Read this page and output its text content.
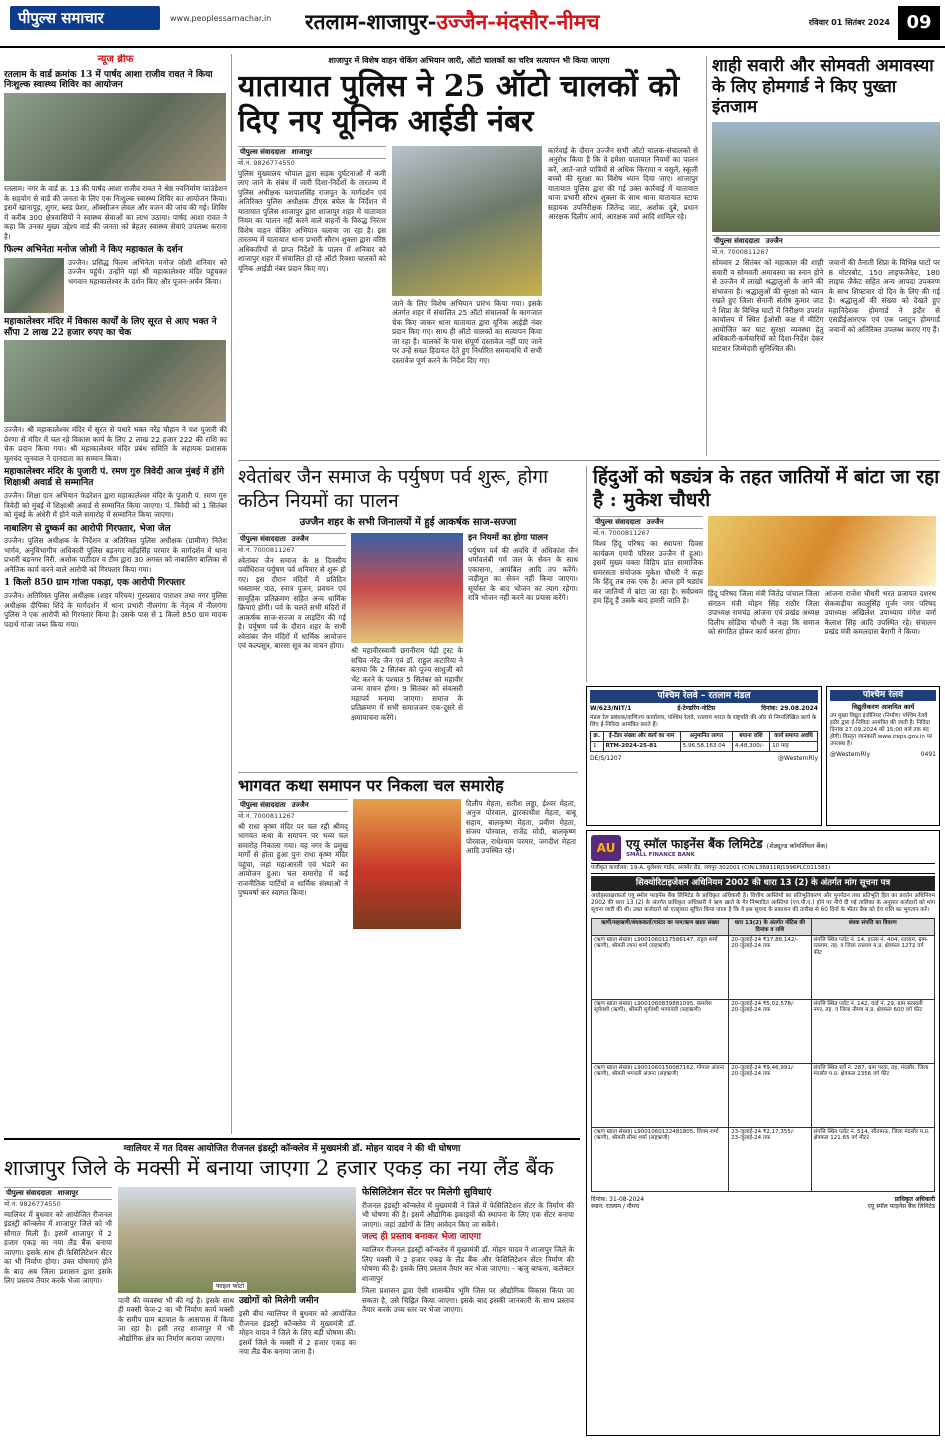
पीपुल्स समाचार	www.peoplessamachar.in	रतलाम-शाजापुर-उज्जैन-मंदसौर-नीमच	रविवार 01 सितंबर 2024 09
न्यूज ब्रीफ
रतलाम के वार्ड क्रमांक 13 में पार्षद आशा राजीव रावत ने किया निःशुल्क स्वास्थ्य शिविर का आयोजन

रतलाम। नगर के वार्ड क्र. 13 की पार्षद आशा राजीव रावत ने श्रेष्ठ नवनिर्माण फाउंडेशन के सहयोग से वार्ड की जनता के लिए एक निःशुल्क स्वास्थ्य शिविर का आयोजन किया। इसमें खानापूड़, शुगर, ब्लड प्रेशर, ऑक्सीजन लेवल और वजन की जांच की गई। शिविर में करीब 300 क्षेत्रवासियों ने स्वास्थ्य सेवाओं का लाभ उठाया। पार्षद आशा रावत ने कहा कि उनका मुख्य उद्देश्य वार्ड की जनता को बेहतर स्वास्थ्य सेवाएं उपलब्ध कराना है।

फिल्म अभिनेता मनोज जोशी ने किए महाकाल के दर्शन

उज्जैन। प्रसिद्ध फिल्म अभिनेता मनोज जोशी शनिवार को उज्जैन पहुंचे। उन्होंने यहां श्री महाकालेश्वर मंदिर पहुंचकर भगवान महाकालेश्वर के दर्शन किए और पूजन-अर्चन किया।

महाकालेश्वर मंदिर में विकास कार्यों के लिए सूरत से आए भक्त ने सौंपा 2 लाख 22 हजार रुपए का चेक

उज्जैन। श्री महाकालेश्वर मंदिर में सूरत से पधारे भक्त नरेंद्र चौहान ने यश पुजारी की प्रेरणा से मंदिर में चल रहे विकास कार्य के लिए 2 लाख 22 हजार 222 की राशि का चेक प्रदान किया गया। श्री महाकालेश्वर मंदिर प्रबंध समिति के सहायक प्रशासक मूलचंद जूनवाल ने दानदाता का सम्मान किया।

महाकालेश्वर मंदिर के पुजारी पं. रमण गुरु त्रिवेदी आज मुंबई में होंगे शिक्षाश्री अवार्ड से सम्मानित

उज्जैन। शिक्षा दान अभियान फेडरेशन द्वारा महाकालेश्वर मंदिर के पुजारी पं. रमण गुरु त्रिवेदी को मुंबई में शिक्षाश्री अवार्ड से सम्मानित किया जाएगा। पं. त्रिवेदी को 1 सितंबर को मुंबई के अंधेरी में होने वाले समारोह में सम्मानित किया जाएगा।

नाबालिग से दुष्कर्म का आरोपी गिरफ्तार, भेजा जेल

उज्जैन। पुलिस अधीक्षक के निर्देशन व अतिरिक्त पुलिस अधीक्षक (ग्रामीण) नितेश भार्गव, अनुविभागीय अधिकारी पुलिस बड़नगर महेंद्रसिंह परमार के मार्गदर्शन में थाना प्रभारी बड़नगर निरी. अशोक पाटीदार व टीम द्वारा 30 अगस्त को नाबालिग बालिका से अनैतिक कार्य करने वाले आरोपी को गिरफ्तार किया गया।

1 किलो 850 ग्राम गांजा पकड़ा, एक आरोपी गिरफ्तार

उज्जैन। अतिरिक्त पुलिस अधीक्षक (शहर परिचय) गुरुप्रसाद पाराशर तथा नगर पुलिस अधीक्षक दीपिका शिंदे के मार्गदर्शन में थाना प्रभारी नीलगंगा के नेतृत्व में नीलगंगा पुलिस ने एक आरोपी को गिरफ्तार किया है। उसके पास से 1 किलो 850 ग्राम मादक पदार्थ गांजा जब्त किया गया।

शाजापुर में विशेष वाहन चेकिंग अभियान जारी, ऑटो चालकों का चरित्र सत्यापन भी किया जाएगा
यातायात पुलिस ने 25 ऑटो चालकों को दिए नए यूनिक आईडी नंबर
पीपुल्स संवाददाता शाजापुर
मो.नं. 9826774550

पुलिस मुख्यालय भोपाल द्वारा सड़क दुर्घटनाओं में कमी लाए जाने के संबंध में जारी दिशा-निर्देशों के तारतम्य में पुलिस अधीक्षक यशपालसिंह राजपूत के मार्गदर्शन एवं अतिरिक्त पुलिस अधीक्षक टीएस बघेल के निर्देशन में यातायात पुलिस शाजापुर द्वारा शाजापुर शहर में यातायात नियम का पालन नहीं करने वाले वाहनों के विरुद्ध निरंतर विशेष वाहन चेकिंग अभियान चलाया जा रहा है। इस तारतम्य में यातायात थाना प्रभारी सौरभ शुक्ला द्वारा वरिष्ठ अधिकारियों से प्राप्त निर्देशों के पालन में शनिवार को शाजापुर शहर में संचालित हो रहे ऑटो रिक्शा चालकों को यूनिक आईडी नंबर प्रदान किए गए।

जाने के लिए विशेष अभियान प्रारंभ किया गया। इसके अंतर्गत शहर में संचालित 25 ऑटो संचालकों के कागजात चेक किए जाकर थाना यातायात द्वारा यूनिक आईडी नंबर प्रदान किए गए। साथ ही ऑटो चालकों का सत्यापन किया जा रहा है। चालकों के पास संपूर्ण दस्तावेज नहीं पाए जाने पर उन्हें सख्त हिदायत देते हुए निर्धारित समयावधि में सभी दस्तावेज पूर्ण करने के निर्देश दिए गए।

कार्रवाई के दौरान उज्जैन सभी ऑटो चालक-संचालकों से अनुरोध किया है कि वे हमेशा यातायात नियमों का पालन करें, आते-जाते यात्रियों से अधिक किराया न वसूलें, स्कूली बच्चों की सुरक्षा का विशेष ध्यान दिया जाए। शाजापुर यातायात पुलिस द्वारा की गई उक्त कार्रवाई में यातायात थाना प्रभारी सौरभ शुक्ला के साथ थाना यातायात स्टाफ सहायक उपनिरीक्षक जितेन्द्र जाट, अशोक दुबे, प्रधान आरक्षक दिलीप आर्य, आरक्षक वर्मा आदि शामिल रहे।

शाही सवारी और सोमवती अमावस्या के लिए होमगार्ड ने किए पुख्ता इंतजाम
पीपुल्स संवाददाता उज्जैन
मो.नं. 7000811267

सोमवार 2 सितंबर को महाकाल की शाही सवारी व सोमवती अमावस्या का स्नान होने से उज्जैन में लाखों श्रद्धालुओं के आने की संभावना है। श्रद्धालुओं की सुरक्षा को ध्यान रखते हुए जिला सेनानी संतोष कुमार जाट ने शिप्रा के विभिन्न घाटों में निरीक्षण उपरांत कार्यालय में स्थित ईओसी कक्ष में मीटिंग आयोजित कर घाट सुरक्षा व्यवस्था हेतु अधिकारी-कर्मचारियों को दिशा-निर्देश देकर घाटवार जिम्मेदारी सुनिश्चित की।

जवानों की तैनाती शिप्रा के विभिन्न घाटों पर 8 मोटरबोट, 150 लाइफजैकेट, 180 लाइफ जैकेट सहित अन्य आपदा उपकरण के साथ शिफ्टवार दो दिन के लिए की गई है। श्रद्धालुओं की संख्या को देखते हुए महानिदेशक होमगार्ड ने इंदौर से एसडीईआरएफ एवं एक प्लाटून होमगार्ड जवानों को अतिरिक्त उपलब्ध कराए गए हैं।

श्वेतांबर जैन समाज के पर्युषण पर्व शुरू, होगा कठिन नियमों का पालन
उज्जैन शहर के सभी जिनालयों में हुई आकर्षक साज-सज्जा
पीपुल्स संवाददाता उज्जैन
मो.नं. 7000811267

श्वेतांबर जैन समाज के 8 दिवसीय पर्वाधिराज पर्युषण पर्व शनिवार से शुरू हो गए। इस दौरान मंदिरों में प्रतिदिन भक्तामर पाठ, स्नात्र पूजन, प्रवचन एवं सामूहिक प्रतिक्रमण सहित अन्य धार्मिक क्रियाएं होंगी। पर्व के चलते सभी मंदिरों में आकर्षक साज-सज्जा व लाइटिंग की गई है। पर्युषण पर्व के दौरान शहर के सभी श्वेतांबर जैन मंदिरों में धार्मिक आयोजन एवं कल्पसूत्र, बारसा सूत्र का वाचन होगा।

श्री महावीरस्वामी छगनीराम पेढ़ी ट्रस्ट के सचिव नरेंद्र जैन एवं डॉ. राहुल कटारिया ने बताया कि 2 सितंबर को पूज्य साधुजी को भेंट करने के पश्चात 5 सितंबर को महावीर जन्म वाचन होगा। 9 सितंबर को संवत्सरी महापर्व मनाया जाएगा। समाज के प्रतिक्रमण में सभी समाजजन एक-दूसरे से क्षमायाचना करेंगे।

इन नियमों का होगा पालन

पर्युषण पर्व की अवधि में अधिकांश जैन धर्मावलंबी गर्म जल के सेवन के साथ एकासना, आयंबिल आदि तप करेंगे। जड़ीमूल का सेवन नहीं किया जाएगा। सूर्यास्त के बाद भोजन का त्याग रहेगा। रात्रि भोजन नहीं करने का प्रयास करेंगे।

हिंदुओं को षड्यंत्र के तहत जातियों में बांटा जा रहा है : मुकेश चौधरी
पीपुल्स संवाददाता उज्जैन
मो.नं. 7000811267

विश्व हिंदू परिषद का स्थापना दिवस कार्यक्रम एमपी परिसर उज्जैन में हुआ। इसमें मुख्य वक्ता विहिप प्रांत सामाजिक समरसता संयोजक मुकेश चौधरी ने कहा कि हिंदू तब तक एक है। आज हमें षड्यंत्र कर जातियों में बांटा जा रहा है। सर्वप्रथम हम हिंदू हैं उसके बाद हमारी जाति है।

हिंदू परिषद जिला मंत्री जितेंद्र पांचाल जिला संगठन मंत्री मोहन सिंह राठौर जिला उपाध्यक्ष रामचंद्र आंजना एवं प्रखंड अध्यक्ष दिलीप सोडिया चौधरी ने कहा कि समाज को संगठित होकर कार्य करना होगा।

आंजना राजेश चौधरी भरत प्रजापत दशरथ सेकवाड़ीया कालूसिंह गुर्जर नगर परिषद उपाध्यक्ष अखिलेश उपाध्याय मंगेश वर्मा कैलाश सिंह आदि उपस्थित रहे। संचालन प्रखंड मंत्री कमलदास बैरागी ने किया।

पश्चिम रेलवे – रतलाम मंडल
W/623/NIT/1	ई-टेण्डरिंग-नोटिस	दिनांक: 29.08.2024

मंडल रेल प्रबंधक/वाणिज्य कार्यालय, पश्चिम रेलवे, रतलाम भारत के राष्ट्रपति की ओर से निम्नलिखित कार्य के लिए ई-निविदा आमंत्रित करते हैं।

क्र.	ई-टेंडर संख्या और कार्य का नाम	अनुमानित लागत	बयाना राशि	कार्य समाप्त अवधि
1	RTM-2024-25-81	5,96,58,163.04	4,48,300/-	10 माह
DE/S/1207	@WesternRly
पश्चिम रेलवे
विद्युतीकरण आशयित कार्य

उप मुख्य विद्युत इंजीनियर (निर्माण) पश्चिम रेलवे इंदौर द्वारा ई-निविदा आमंत्रित की जाती है। निविदा दिनांक 27.09.2024 को 15:00 बजे तक बंद होगी। विस्तृत जानकारी www.ireps.gov.in पर उपलब्ध है।

@WesternRly	0491
भागवत कथा समापन पर निकला चल समारोह
पीपुल्स संवाददाता उज्जैन
मो.नं. 7000811267

श्री राधा कृष्ण मंदिर पर चल रही श्रीमद् भागवत कथा के समापन पर भव्य चल समारोह निकाला गया। यह नगर के प्रमुख मार्गों से होता हुआ पुनः राधा कृष्ण मंदिर पहुंचा, जहां महाआरती एवं भंडारे का आयोजन हुआ। चल समारोह में कई राजनीतिक पार्टियों व धार्मिक संस्थाओं ने पुष्पवर्षा कर स्वागत किया।

दिलीप मेहता, सतीश लड्डा, ईश्वर मेहता, अनुज पोरवाल, द्वारकाधीश मेहता, बाबू सहाय, बालकृष्ण मेहता, प्रवीण मेहता, संजय पोरवाल, राजेंद्र मोदी, बालकृष्ण पोरवाल, राधेश्याम परमार, जगदीश मेहता आदि उपस्थित रहे।	AU एयू स्मॉल फाइनेंस बैंक लिमिटेड (शेड्यूल्ड कॉमर्शियल बैंक)
SMALL FINANCE BANK
पंजीकृत कार्यालय: 19-A, धुलेश्वर गार्डन, अजमेर रोड, जयपुर-302001 (CIN:L36911RJ1996PLC011381)
सिक्योरिटाइजेशन अधिनियम 2002 की धारा 13 (2) के अंतर्गत मांग सूचना पत्र

अधोहस्ताक्षरकर्ता एयू स्मॉल फाइनेंस बैंक लिमिटेड के प्राधिकृत अधिकारी है। वित्तीय आस्तियों का प्रतिभूतिकरण और पुनर्गठन तथा प्रतिभूति हित का प्रवर्तन अधिनियम 2002 की धारा 13 (2) के अंतर्गत प्राधिकृत अधिकारी ने ऋण खाते के गैर निष्पादित आस्तियां (एन.पी.ए.) होने पर नीचे दी गई तालिका के अनुसार कर्जदारों को मांग सूचना जारी की थी। उक्त कर्जदारों को एतद्द्वारा सूचित किया जाता है कि वे इस सूचना के प्रकाशन की तारीख से 60 दिनों के भीतर बैंक को देय राशि का भुगतान करें।

ऋणी/सहऋणी/बंधककर्ता/गारंटर का नाम/ऋण खाता संख्या	धारा 13(2) के अंतर्गत नोटिस की दिनांक व राशि	बंधक संपत्ति का विवरण
(ऋण खाता संख्या) L9001060117586147, राहुल शर्मा (ऋणी), श्रीमती रचना शर्मा (सहऋणी)	20-जुलाई-24 ₹17,88,142/-
20-जुलाई-24 तक	संपत्ति स्थित प्लॉट नं. 14, हाउस नं. 404, रतलाम, ग्राम-रतलाम, तह. व जिला रतलाम म.प्र. क्षेत्रफल 1272 वर्ग फीट
(ऋण खाता संख्या) L9001060839881095, कमलेश सूर्यवंशी (ऋणी), श्रीमती सूर्यवंशी भाग्यवंती (सहऋणी)	20-जुलाई-24 ₹5,02,578/-
20-जुलाई-24 तक	संपत्ति स्थित प्लॉट नं. 142, वार्ड नं. 29, ग्राम सरस्वती नगर, तह. व जिला नीमच म.प्र. क्षेत्रफल 600 वर्ग फीट
(ऋण खाता संख्या) L9001060150087162, गोपाल अंजना (ऋणी), श्रीमती भगवती अंजना (सहऋणी)	20-जुलाई-24 ₹9,46,991/-
20-जुलाई-24 तक	संपत्ति स्थित सर्वे नं. 287, ग्राम परवा, तह. मंदसौर, जिला मंदसौर म.प्र. क्षेत्रफल 2356 वर्ग फीट
(ऋण खाता संख्या) L9001060122481805, शिवम शर्मा (ऋणी), श्रीमती सीमा शर्मा (सहऋणी)	23-जुलाई-24 ₹2,17,355/-
23-जुलाई-24 तक	संपत्ति स्थित प्लॉट नं. 514, सीतामऊ, जिला मंदसौर म.प्र. क्षेत्रफल 121.65 वर्ग मीटर
दिनांक: 31-08-2024
स्थान: रतलाम / नीमच
प्राधिकृत अधिकारी
एयू स्मॉल फाइनेंस बैंक लिमिटेड
ग्वालियर में गत दिवस आयोजित रीजनल इंडस्ट्री कॉन्क्लेव में मुख्यमंत्री डॉ. मोहन यादव ने की थी घोषणा
शाजापुर जिले के मक्सी में बनाया जाएगा 2 हजार एकड़ का नया लैंड बैंक
पीपुल्स संवाददाता शाजापुर
मो.नं. 9826774550

ग्वालियर में बुधवार को आयोजित रीजनल इंडस्ट्री कॉन्क्लेव में शाजापुर जिले को भी सौगात मिली है। इसमें शाजापुर में 2 हजार एकड़ का नया लैंड बैंक बनाया जाएगा। इसके साथ ही फेसिलिटेशन सेंटर का भी निर्माण होगा। उक्त घोषणाएं होने के बाद अब जिला प्रशासन द्वारा इसके लिए प्रस्ताव तैयार करके भेजा जाएगा।

फाइल फोटो

पानी की व्यवस्था भी की गई है। इसके साथ ही मक्सी फेज-2 का भी निर्माण कार्य मक्सी के समीप ग्राम बटवाल के आसपास में किया जा रहा है। इसी तरह शाजापुर में भी औद्योगिक क्षेत्र का निर्माण कराया जाएगा।

उद्योगों को मिलेगी जमीन

इसी बीच ग्वालियर में बुधवार को आयोजित रीजनल इंडस्ट्री कॉन्क्लेव में मुख्यमंत्री डॉ. मोहन यादव ने जिले के लिए बड़ी घोषणा की। इसमें जिले के मक्सी में 2 हजार एकड़ का नया लैंड बैंक बनाया जाना है।

फेसिलिटेशन सेंटर पर मिलेगी सुविधाएं

रीजनल इंडस्ट्री कॉन्क्लेव में मुख्यमंत्री ने जिले में फेसिलिटेशन सेंटर के निर्माण की भी घोषणा की है। इसमें औद्योगिक इकाइयों की स्थापना के लिए एक सेंटर बनाया जाएगा। जहां उद्योगों के लिए आवेदन किए जा सकेंगे।

जल्द ही प्रस्ताव बनाकर भेजा जाएगा

ग्वालियर रीजनल इंडस्ट्री कॉन्क्लेव में मुख्यमंत्री डॉ. मोहन यादव ने शाजापुर जिले के लिए मक्सी में 2 हजार एकड़ के लैंड बैंक और फेसिलिटेशन सेंटर निर्माण की घोषणा की है। इसके लिए प्रस्ताव तैयार कर भेजा जाएगा। - ऋजु बाफना, कलेक्टर शाजापुर

जिला प्रशासन द्वारा ऐसी शासकीय भूमि जिस पर औद्योगिक विकास किया जा सकता है, उसे चिह्नित किया जाएगा। इसके बाद इसकी जानकारी के साथ प्रस्ताव तैयार करके उच्च स्तर पर भेजा जाएगा।
